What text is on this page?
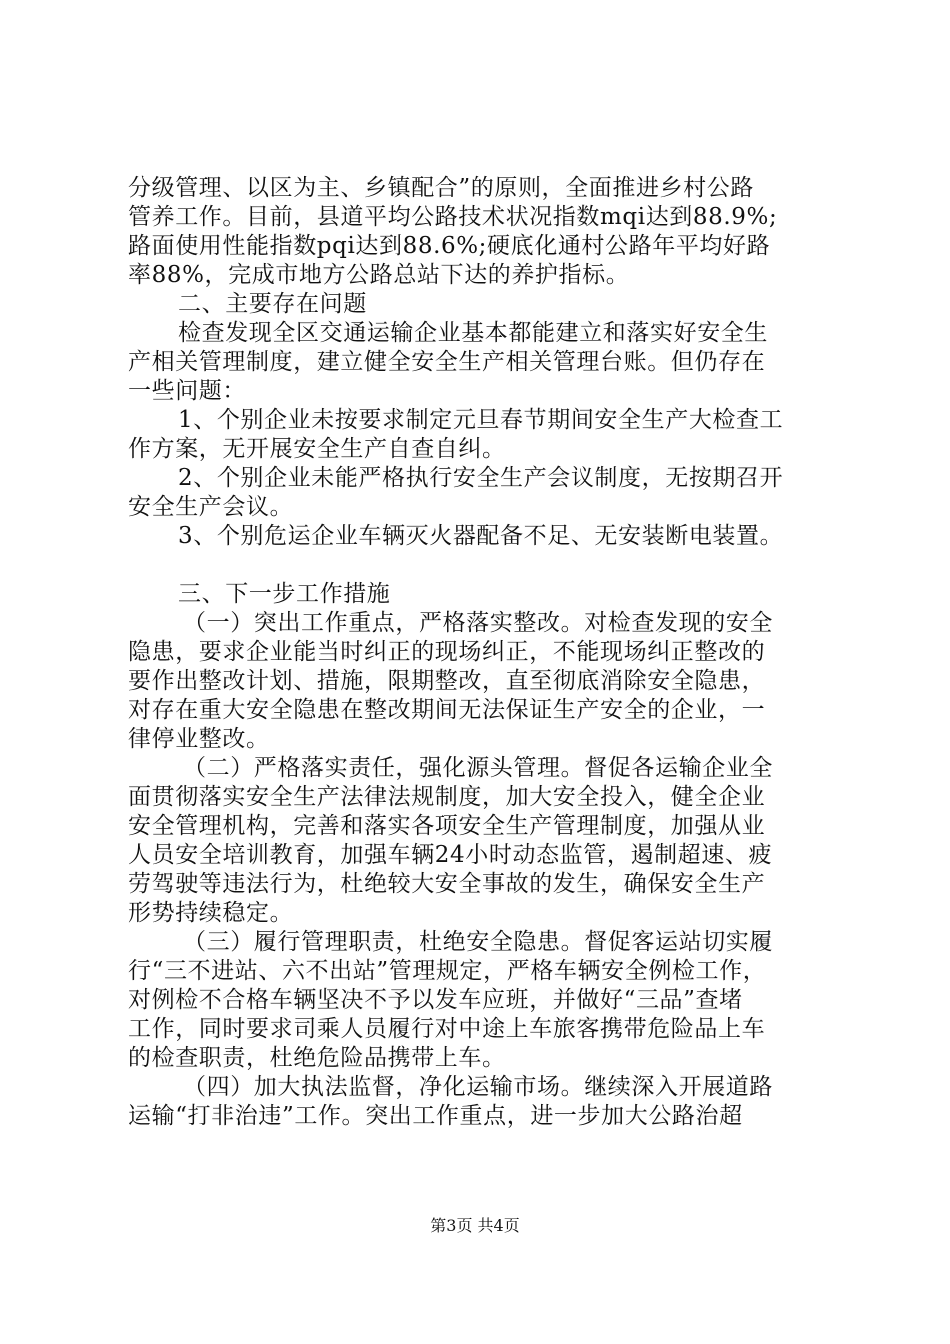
分级管理、以区为主、乡镇配合”的原则，全面推进乡村公路
管养工作。目前，县道平均公路技术状况指数mqi达到88.9%;
路面使用性能指数pqi达到88.6%;硬底化通村公路年平均好路
率88%，完成市地方公路总站下达的养护指标。
二、主要存在问题
检查发现全区交通运输企业基本都能建立和落实好安全生
产相关管理制度，建立健全安全生产相关管理台账。但仍存在
一些问题：
1、个别企业未按要求制定元旦春节期间安全生产大检查工
作方案，无开展安全生产自查自纠。
2、个别企业未能严格执行安全生产会议制度，无按期召开
安全生产会议。
3、个别危运企业车辆灭火器配备不足、无安装断电装置。
三、下一步工作措施
（一）突出工作重点，严格落实整改。对检查发现的安全
隐患，要求企业能当时纠正的现场纠正，不能现场纠正整改的
要作出整改计划、措施，限期整改，直至彻底消除安全隐患，
对存在重大安全隐患在整改期间无法保证生产安全的企业，一
律停业整改。
（二）严格落实责任，强化源头管理。督促各运输企业全
面贯彻落实安全生产法律法规制度，加大安全投入，健全企业
安全管理机构，完善和落实各项安全生产管理制度，加强从业
人员安全培训教育，加强车辆24小时动态监管，遏制超速、疲
劳驾驶等违法行为，杜绝较大安全事故的发生，确保安全生产
形势持续稳定。
（三）履行管理职责，杜绝安全隐患。督促客运站切实履
行“三不进站、六不出站”管理规定，严格车辆安全例检工作，
对例检不合格车辆坚决不予以发车应班，并做好“三品”查堵
工作，同时要求司乘人员履行对中途上车旅客携带危险品上车
的检查职责，杜绝危险品携带上车。
（四）加大执法监督，净化运输市场。继续深入开展道路
运输“打非治违”工作。突出工作重点，进一步加大公路治超
第3页 共4页
